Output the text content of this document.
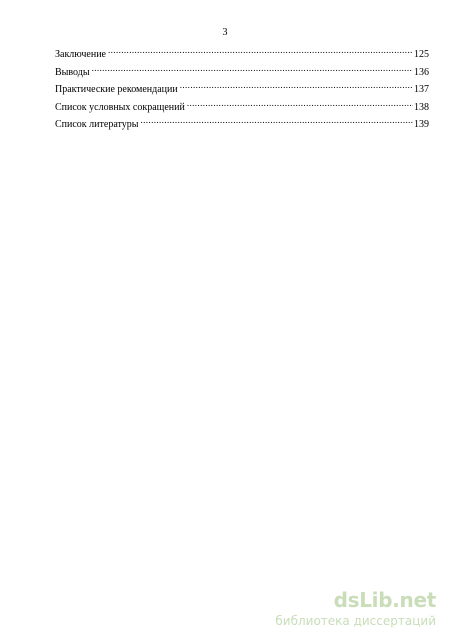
3
Заключение .....	125
Выводы .....	136
Практические рекомендации .....	137
Список условных сокращений .....	138
Список литературы .....	139
dsLib.net
библиотека диссертаций
